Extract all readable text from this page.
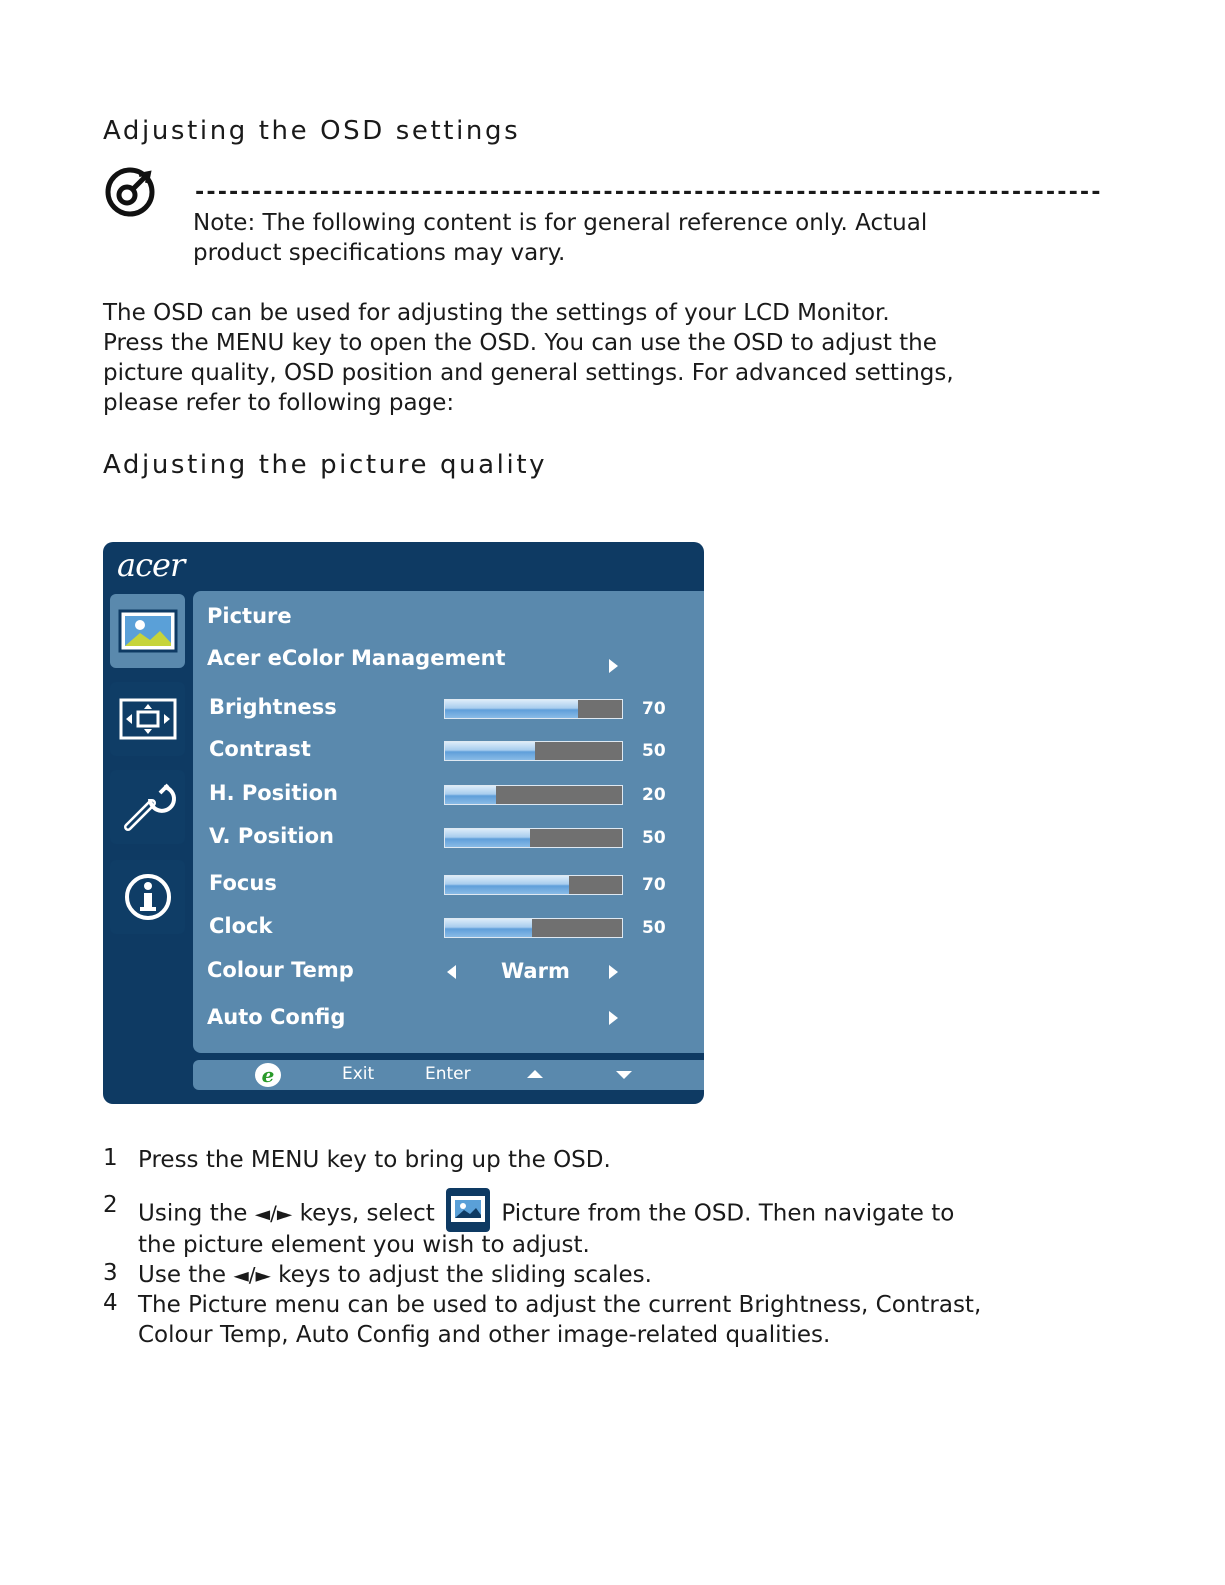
Adjusting the OSD settings
--------------------------------------------------------------------------------
Note: The following content is for general reference only. Actual
product specifications may vary.
The OSD can be used for adjusting the settings of your LCD Monitor.
Press the MENU key to open the OSD. You can use the OSD to adjust the
picture quality, OSD position and general settings. For advanced settings,
please refer to following page:
Adjusting the picture quality
acer
Picture
Acer eColor Management
Brightness	70
Contrast	50
H. Position	20
V. Position	50
Focus	70
Clock	50
Colour Temp	Warm
Auto Config
e	Exit	Enter
1 Press the MENU key to bring up the OSD.
2 Using the ◄/► keys, select	Picture from the OSD. Then navigate to
the picture element you wish to adjust.
3 Use the ◄/► keys to adjust the sliding scales.
4 The Picture menu can be used to adjust the current Brightness, Contrast,
Colour Temp, Auto Config and other image-related qualities.
